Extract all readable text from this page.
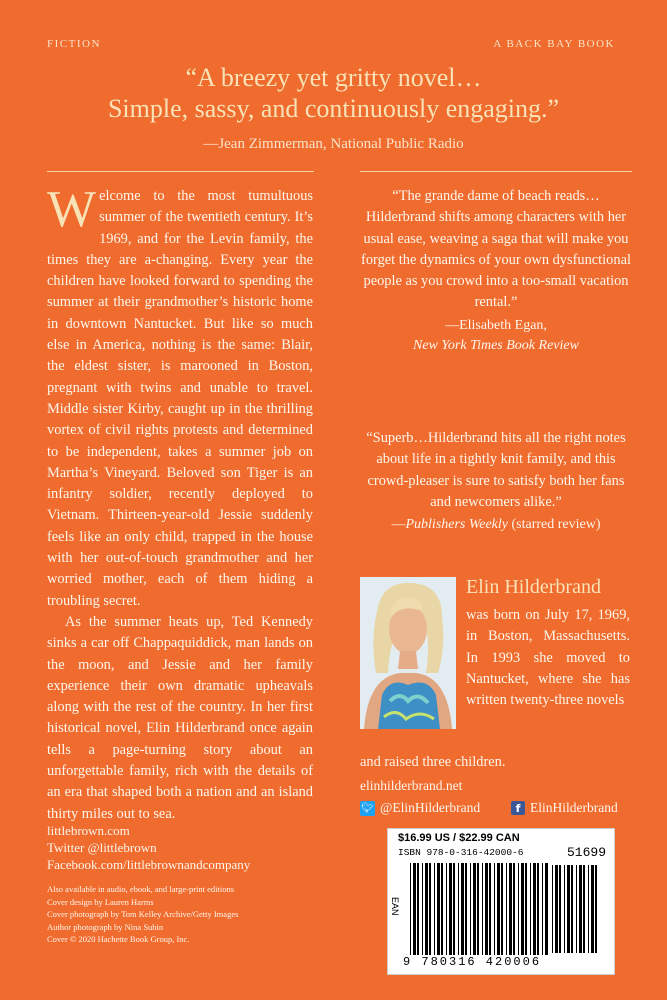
FICTION	A BACK BAY BOOK
“A breezy yet gritty novel…
Simple, sassy, and continuously engaging.”
—Jean Zimmerman, National Public Radio

Welcome to the most tumultuous summer of the twentieth century. It’s 1969, and for the Levin family, the times they are a-changing. Every year the children have looked forward to spending the summer at their grandmother’s historic home in downtown Nantucket. But like so much else in America, nothing is the same: Blair, the eldest sister, is marooned in Boston, pregnant with twins and unable to travel. Middle sister Kirby, caught up in the thrilling vortex of civil rights protests and determined to be independent, takes a summer job on Martha’s Vineyard. Beloved son Tiger is an infantry soldier, recently deployed to Vietnam. Thirteen-year-old Jessie suddenly feels like an only child, trapped in the house with her out-of-touch grandmother and her worried mother, each of them hiding a troubling secret.

As the summer heats up, Ted Kennedy sinks a car off Chappaquiddick, man lands on the moon, and Jessie and her family experience their own dramatic upheavals along with the rest of the country. In her first historical novel, Elin Hilderbrand once again tells a page-turning story about an unforgettable family, rich with the details of an era that shaped both a nation and an island thirty miles out to sea.

“The grande dame of beach reads… Hilderbrand shifts among characters with her usual ease, weaving a saga that will make you forget the dynamics of your own dysfunctional people as you crowd into a too-small vacation rental.”
—Elisabeth Egan,
New York Times Book Review
“Superb…Hilderbrand hits all the right notes about life in a tightly knit family, and this crowd-pleaser is sure to satisfy both her fans and newcomers alike.”
—Publishers Weekly (starred review)
Elin Hilderbrand
was born on July 17, 1969, in Boston, Massachusetts. In 1993 she moved to Nantucket, where she has written twenty-three novels
and raised three children.
elinhilderbrand.net
🐦︎ @ElinHilderbrand	f ElinHilderbrand
littlebrown.com
Twitter @littlebrown
Facebook.com/littlebrownandcompany
Also available in audio, ebook, and large-print editions
Cover design by Lauren Harms
Cover photograph by Tom Kelley Archive/Getty Images
Author photograph by Nina Subin
Cover © 2020 Hachette Book Group, Inc.
$16.99 US / $22.99 CAN
ISBN 978-0-316-42000-6
EAN
51699
9 780316 420006
